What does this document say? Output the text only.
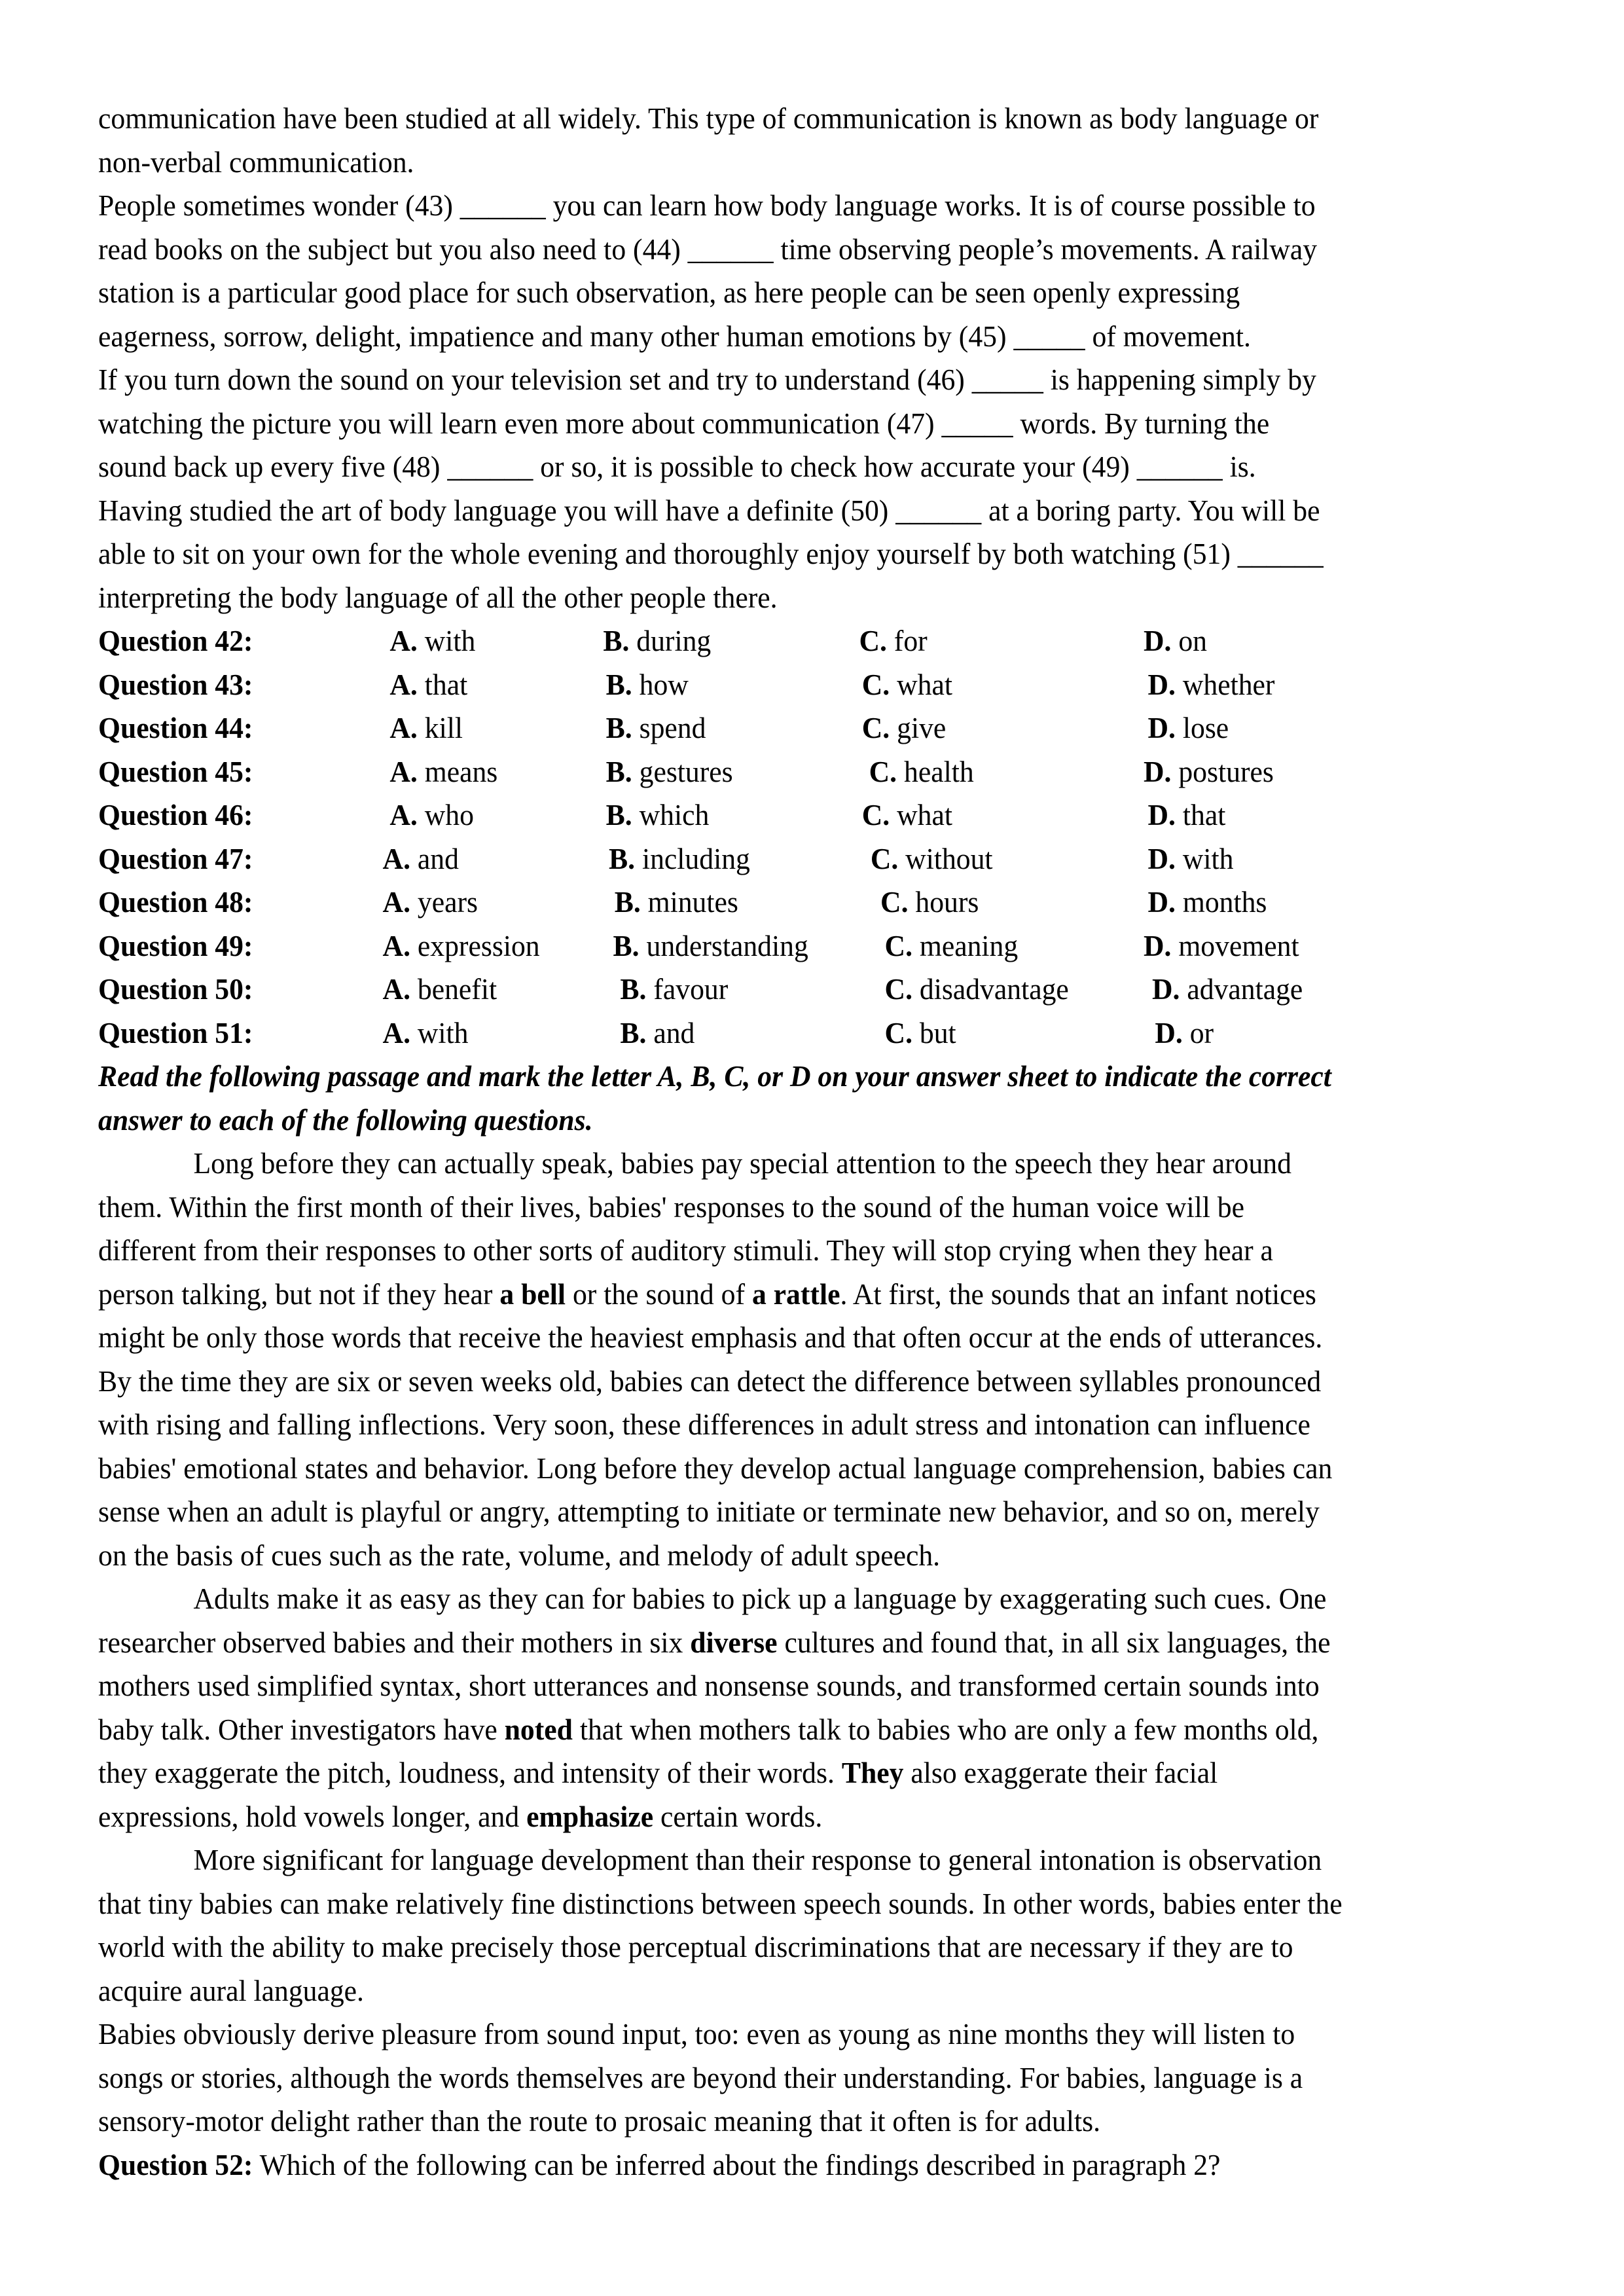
communication have been studied at all widely. This type of communication is known as body language or
non-verbal communication.
People sometimes wonder (43) ______ you can learn how body language works. It is of course possible to
read books on the subject but you also need to (44) ______ time observing people’s movements. A railway
station is a particular good place for such observation, as here people can be seen openly expressing
eagerness, sorrow, delight, impatience and many other human emotions by (45) _____ of movement.
If you turn down the sound on your television set and try to understand (46) _____ is happening simply by
watching the picture you will learn even more about communication (47) _____ words. By turning the
sound back up every five (48) ______ or so, it is possible to check how accurate your (49) ______ is.
Having studied the art of body language you will have a definite (50) ______ at a boring party. You will be
able to sit on your own for the whole evening and thoroughly enjoy yourself by both watching (51) ______
interpreting the body language of all the other people there.
Question 42:	A. with	B. during	C. for	D. on
Question 43:	A. that	B. how	C. what	D. whether
Question 44:	A. kill	B. spend	C. give	D. lose
Question 45:	A. means	B. gestures	C. health	D. postures
Question 46:	A. who	B. which	C. what	D. that
Question 47:	A. and	B. including	C. without	D. with
Question 48:	A. years	B. minutes	C. hours	D. months
Question 49:	A. expression B. understanding	C. meaning	D. movement
Question 50:	A. benefit	B. favour	C. disadvantage	D. advantage
Question 51:	A. with	B. and	C. but	D. or
Read the following passage and mark the letter A, B, C, or D on your answer sheet to indicate the correct
answer to each of the following questions.
Long before they can actually speak, babies pay special attention to the speech they hear around
them. Within the first month of their lives, babies' responses to the sound of the human voice will be
different from their responses to other sorts of auditory stimuli. They will stop crying when they hear a
person talking, but not if they hear a bell or the sound of a rattle. At first, the sounds that an infant notices
might be only those words that receive the heaviest emphasis and that often occur at the ends of utterances.
By the time they are six or seven weeks old, babies can detect the difference between syllables pronounced
with rising and falling inflections. Very soon, these differences in adult stress and intonation can influence
babies' emotional states and behavior. Long before they develop actual language comprehension, babies can
sense when an adult is playful or angry, attempting to initiate or terminate new behavior, and so on, merely
on the basis of cues such as the rate, volume, and melody of adult speech.
Adults make it as easy as they can for babies to pick up a language by exaggerating such cues. One
researcher observed babies and their mothers in six diverse cultures and found that, in all six languages, the
mothers used simplified syntax, short utterances and nonsense sounds, and transformed certain sounds into
baby talk. Other investigators have noted that when mothers talk to babies who are only a few months old,
they exaggerate the pitch, loudness, and intensity of their words. They also exaggerate their facial
expressions, hold vowels longer, and emphasize certain words.
More significant for language development than their response to general intonation is observation
that tiny babies can make relatively fine distinctions between speech sounds. In other words, babies enter the
world with the ability to make precisely those perceptual discriminations that are necessary if they are to
acquire aural language.
Babies obviously derive pleasure from sound input, too: even as young as nine months they will listen to
songs or stories, although the words themselves are beyond their understanding. For babies, language is a
sensory-motor delight rather than the route to prosaic meaning that it often is for adults.
Question 52: Which of the following can be inferred about the findings described in paragraph 2?
